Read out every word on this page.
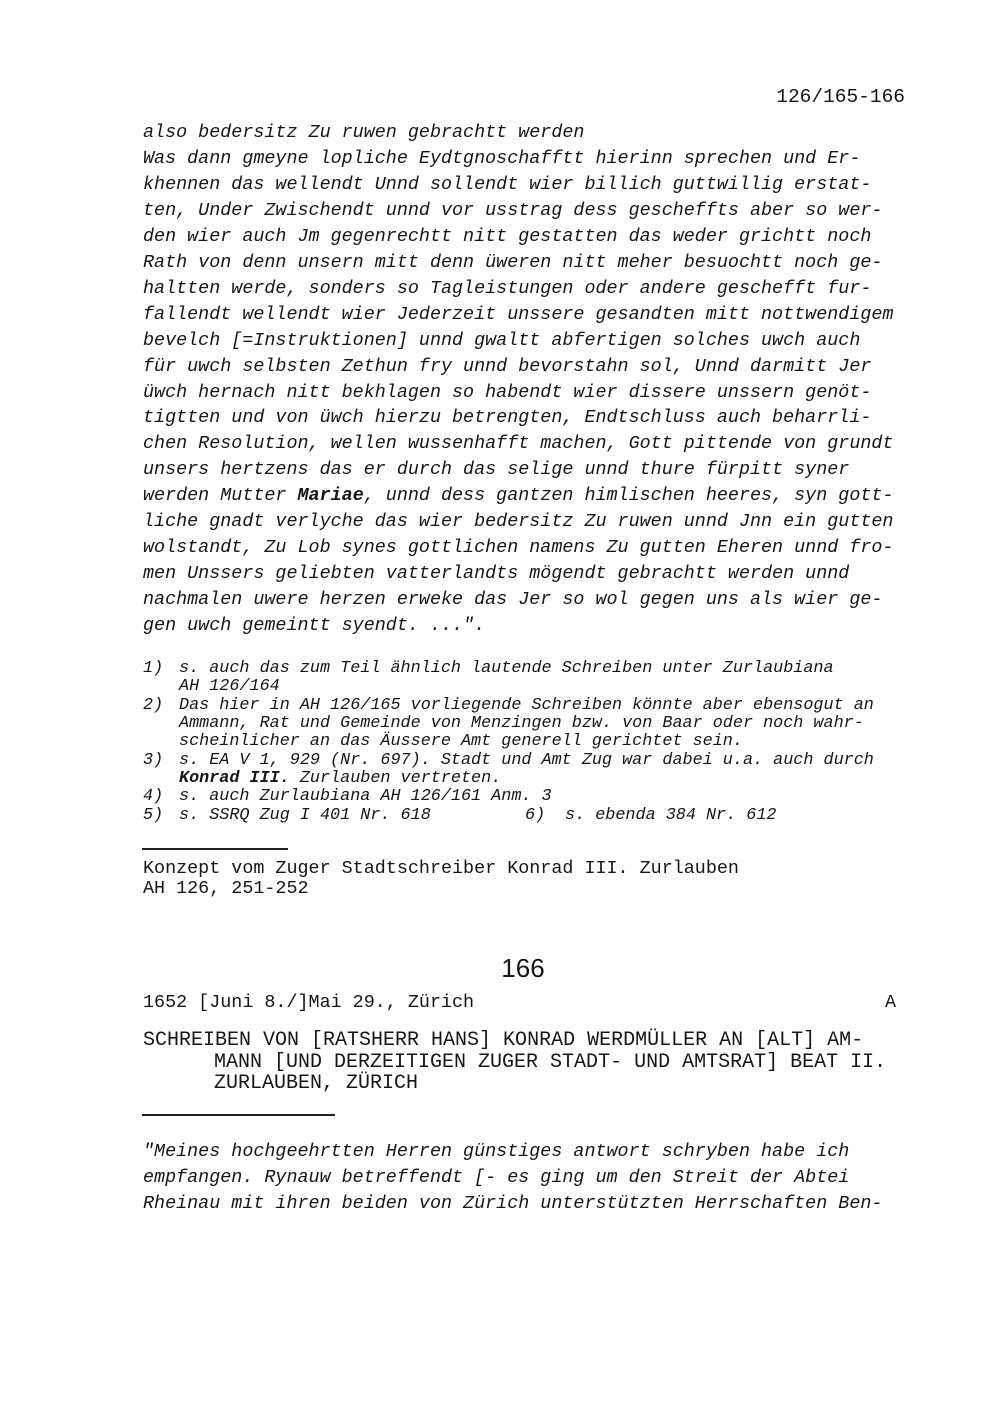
126/165-166
also bedersitz Zu ruwen gebrachtt werden
Was dann gmeyne lopliche Eydtgnoschafftt hierinn sprechen und Er-
khennen das wellendt Unnd sollendt wier billich guttwillig erstat-
ten, Under Zwischendt unnd vor usstrag dess gescheffts aber so wer-
den wier auch Jm gegenrechtt nitt gestatten das weder grichtt noch
Rath von denn unsern mitt denn üweren nitt meher besuochtt noch ge-
haltten werde, sonders so Tagleistungen oder andere geschefft fur-
fallendt wellendt wier Jederzeit unssere gesandten mitt nottwendigem
bevelch [=Instruktionen] unnd gwaltt abfertigen solches uwch auch
für uwch selbsten Zethun fry unnd bevorstahn sol, Unnd darmitt Jer
üwch hernach nitt bekhlagen so habendt wier dissere unssern genöt-
tigtten und von üwch hierzu betrengten, Endtschluss auch beharrli-
chen Resolution, wellen wussenhafft machen, Gott pittende von grundt
unsers hertzens das er durch das selige unnd thure fürpitt syner
werden Mutter Mariae, unnd dess gantzen himlischen heeres, syn gott-
liche gnadt verlyche das wier bedersitz Zu ruwen unnd Jnn ein gutten
wolstandt, Zu Lob synes gottlichen namens Zu gutten Eheren unnd fro-
men Unssers geliebten vatterlandts mögendt gebrachtt werden unnd
nachmalen uwere herzen erweke das Jer so wol gegen uns als wier ge-
gen uwch gemeintt syendt. ...".
1) s. auch das zum Teil ähnlich lautende Schreiben unter Zurlaubiana
AH 126/164
2) Das hier in AH 126/165 vorliegende Schreiben könnte aber ebensogut an
Ammann, Rat und Gemeinde von Menzingen bzw. von Baar oder noch wahr-
scheinlicher an das Äussere Amt generell gerichtet sein.
3) s. EA V 1, 929 (Nr. 697). Stadt und Amt Zug war dabei u.a. auch durch
Konrad III. Zurlauben vertreten.
4) s. auch Zurlaubiana AH 126/161 Anm. 3
5) s. SSRQ Zug I 401 Nr. 618	6) s. ebenda 384 Nr. 612
Konzept vom Zuger Stadtschreiber Konrad III. Zurlauben
AH 126, 251-252
166
1652 [Juni 8./]Mai 29., Zürich	A
SCHREIBEN VON [RATSHERR HANS] KONRAD WERDMÜLLER AN [ALT] AM-
MANN [UND DERZEITIGEN ZUGER STADT- UND AMTSRAT] BEAT II.
ZURLAUBEN, ZÜRICH
"Meines hochgeehrtten Herren günstiges antwort schryben habe ich
empfangen. Rynauw betreffendt [- es ging um den Streit der Abtei
Rheinau mit ihren beiden von Zürich unterstützten Herrschaften Ben-
